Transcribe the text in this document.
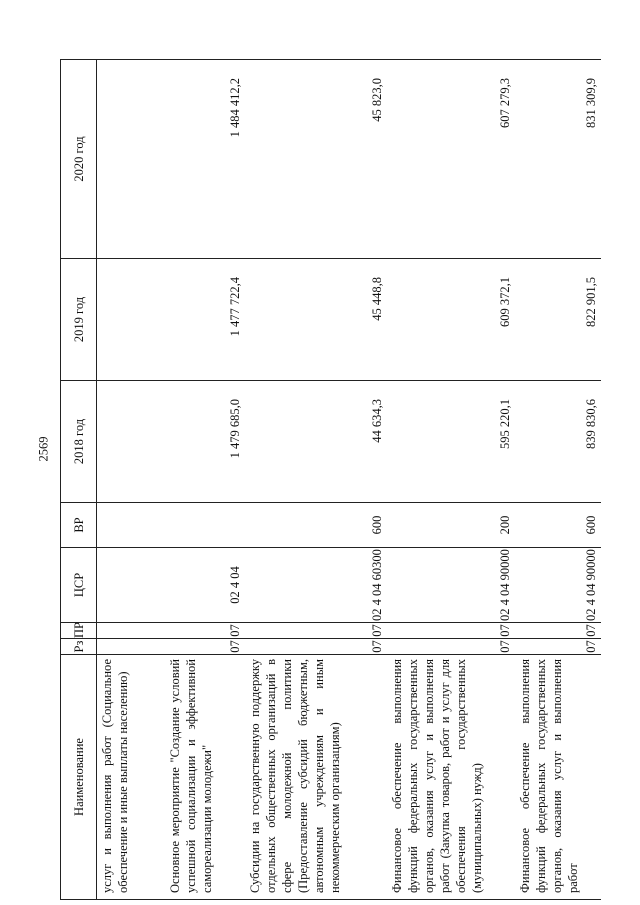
2569
Наименование	Рз	ПР	ЦСР	ВР	2018 год	2019 год	2020 год
услуг и выполнения работ (Социальное обеспечение и иные выплаты населению)							
Основное мероприятие "Создание условий успешной социализации и эффективной самореализации молодежи"	07	07	02 4 04		1 479 685,0	1 477 722,4	1 484 412,2
Субсидии на государственную поддержку отдельных общественных организаций в сфере молодежной политики (Предоставление субсидий бюджетным, автономным учреждениям и иным некоммерческим организациям)	07	07	02 4 04 60300	600	44 634,3	45 448,8	45 823,0
Финансовое обеспечение выполнения функций федеральных государственных органов, оказания услуг и выполнения работ (Закупка товаров, работ и услуг для обеспечения государственных (муниципальных) нужд)	07	07	02 4 04 90000	200	595 220,1	609 372,1	607 279,3
Финансовое обеспечение выполнения функций федеральных государственных органов, оказания услуг и выполнения работ	07	07	02 4 04 90000	600	839 830,6	822 901,5	831 309,9
